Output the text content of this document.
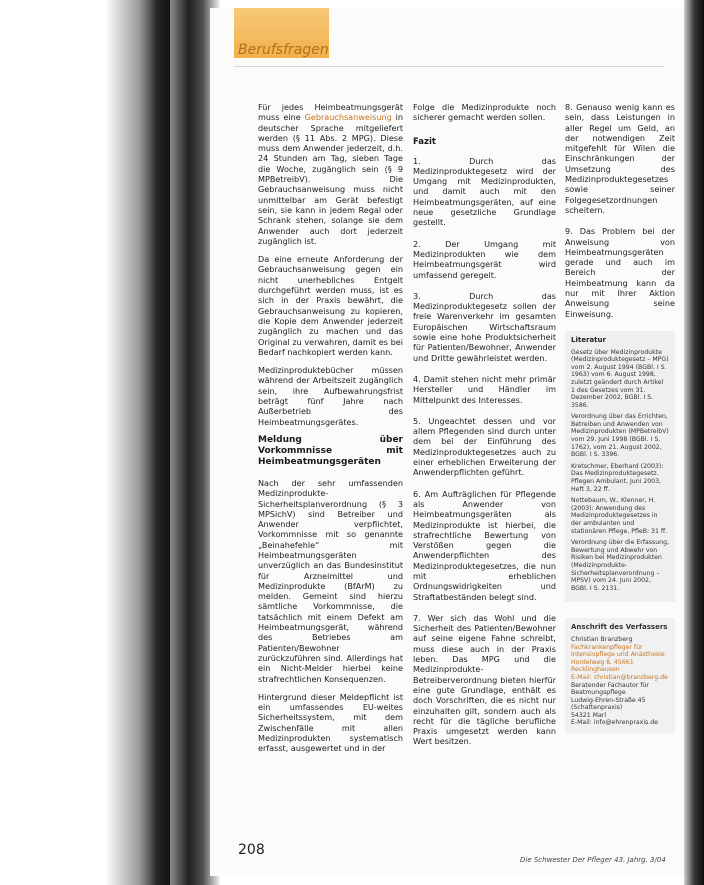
Berufsfragen

Für jedes Heimbeatmungsgerät muss eine Gebrauchsanweisung in deutscher Sprache mitgeliefert werden (§ 11 Abs. 2 MPG). Diese muss dem Anwender jederzeit, d.h. 24 Stunden am Tag, sieben Tage die Woche, zugänglich sein (§ 9 MPBetreibV). Die Gebrauchsanweisung muss nicht unmittelbar am Gerät befestigt sein, sie kann in jedem Regal oder Schrank stehen, solange sie dem Anwender auch dort jederzeit zugänglich ist.

Da eine erneute Anforderung der Gebrauchsanweisung gegen ein nicht unerhebliches Entgelt durchgeführt werden muss, ist es sich in der Praxis bewährt, die Gebrauchsanweisung zu kopieren, die Kopie dem Anwender jederzeit zugänglich zu machen und das Original zu verwahren, damit es bei Bedarf nachkopiert werden kann.

Medizinproduktebücher müssen während der Arbeitszeit zugänglich sein, ihre Aufbewahrungsfrist beträgt fünf Jahre nach Außerbetrieb des Heimbeatmungsgerätes.

Meldung über Vorkommnisse mit Heimbeatmungsgeräten

Nach der sehr umfassenden Medizinprodukte-Sicherheitsplanverordnung (§ 3 MPSichV) sind Betreiber und Anwender verpflichtet, Vorkommnisse mit so genannte „Beinahefehle“ mit Heimbeatmungsgeräten unverzüglich an das Bundesinstitut für Arzneimittel und Medizinprodukte (BfArM) zu melden. Gemeint sind hierzu sämtliche Vorkommnisse, die tatsächlich mit einem Defekt am Heimbeatmungsgerät, während des Betriebes am Patienten/Bewohner zurückzuführen sind. Allerdings hat ein Nicht-Melder hierbei keine strafrechtlichen Konsequenzen.

Hintergrund dieser Meldepflicht ist ein umfassendes EU-weites Sicherheitssystem, mit dem Zwischenfälle mit allen Medizinprodukten systematisch erfasst, ausgewertet und in der

Folge die Medizinprodukte noch sicherer gemacht werden sollen.

Fazit

1. Durch das Medizinproduktegesetz wird der Umgang mit Medizinprodukten, und damit auch mit den Heimbeatmungsgeräten, auf eine neue gesetzliche Grundlage gestellt.

2. Der Umgang mit Medizinprodukten wie dem Heimbeatmungsgerät wird umfassend geregelt.

3. Durch das Medizinproduktegesetz sollen der freie Warenverkehr im gesamten Europäischen Wirtschaftsraum sowie eine hohe Produktsicherheit für Patienten/Bewohner, Anwender und Dritte gewährleistet werden.

4. Damit stehen nicht mehr primär Hersteller und Händler im Mittelpunkt des Interesses.

5. Ungeachtet dessen und vor allem Pflegenden sind durch unter dem bei der Einführung des Medizinproduktegesetzes auch zu einer erheblichen Erweiterung der Anwenderpflichten geführt.

6. Am Aufträglichen für Pflegende als Anwender von Heimbeatmungsgeräten als Medizinprodukte ist hierbei, die strafrechtliche Bewertung von Verstößen gegen die Anwenderpflichten des Medizinproduktegesetzes, die nun mit erheblichen Ordnungswidrigkeiten und Straftatbeständen belegt sind.

7. Wer sich das Wohl und die Sicherheit des Patienten/Bewohner auf seine eigene Fahne schreibt, muss diese auch in der Praxis leben. Das MPG und die Medizinprodukte-Betreiberverordnung bieten hierfür eine gute Grundlage, enthält es doch Vorschriften, die es nicht nur einzuhalten gilt, sondern auch als recht für die tägliche berufliche Praxis umgesetzt werden kann Wert besitzen.

8. Genauso wenig kann es sein, dass Leistungen in aller Regel um Geld, an der notwendigen Zeit mitgefehlt für Wilen die Einschränkungen der Umsetzung des Medizinproduktegesetzes sowie seiner Folgegesetzordnungen scheitern.

9. Das Problem bei der Anweisung von Heimbeatmungsgeräten gerade und auch im Bereich der Heimbeatmung kann da nur mit Ihrer Aktion Anweisung seine Einweisung.

Literatur

Gesetz über Medizinprodukte (Medizinproduktegesetz – MPG) vom 2. August 1994 (BGBl. I S. 1963) vom 6. August 1998, zuletzt geändert durch Artikel 1 des Gesetzes vom 31. Dezember 2002, BGBl. I S. 3586.

Verordnung über das Errichten, Betreiben und Anwenden von Medizinprodukten (MPBetreibV) vom 29. Juni 1998 (BGBl. I S. 1762), vom 21. August 2002, BGBl. I S. 3396.

Kretschmer, Eberhard (2003): Das Medizinproduktegesetz. Pflegen Ambulant, Juni 2003, Heft 3, 22 ff.

Nottebaum, W., Klenner, H. (2003): Anwendung des Medizinproduktegesetzes in der ambulanten und stationären Pflege, PfleB: 31 ff.

Verordnung über die Erfassung, Bewertung und Abwehr von Risiken bei Medizinprodukten (Medizinprodukte-Sicherheitsplanverordnung – MPSV) vom 24. Juni 2002, BGBl. I S. 2131.

Anschrift des Verfassers
Christian Branzberg
Fachkrankenpfleger für Intensivpflege und Anästhesie
Hordelweg 8, 45661 Recklinghausen
E-Mail: christian@branzberg.de
Beratender Fachautor für Beatmungspflege
Ludwig-Ehren-Straße 45 (Schattenpraxis)
54321 Marl
E-Mail: info@ehrenpraxis.de
208
Die Schwester Der Pfleger 43. Jahrg. 3/04
